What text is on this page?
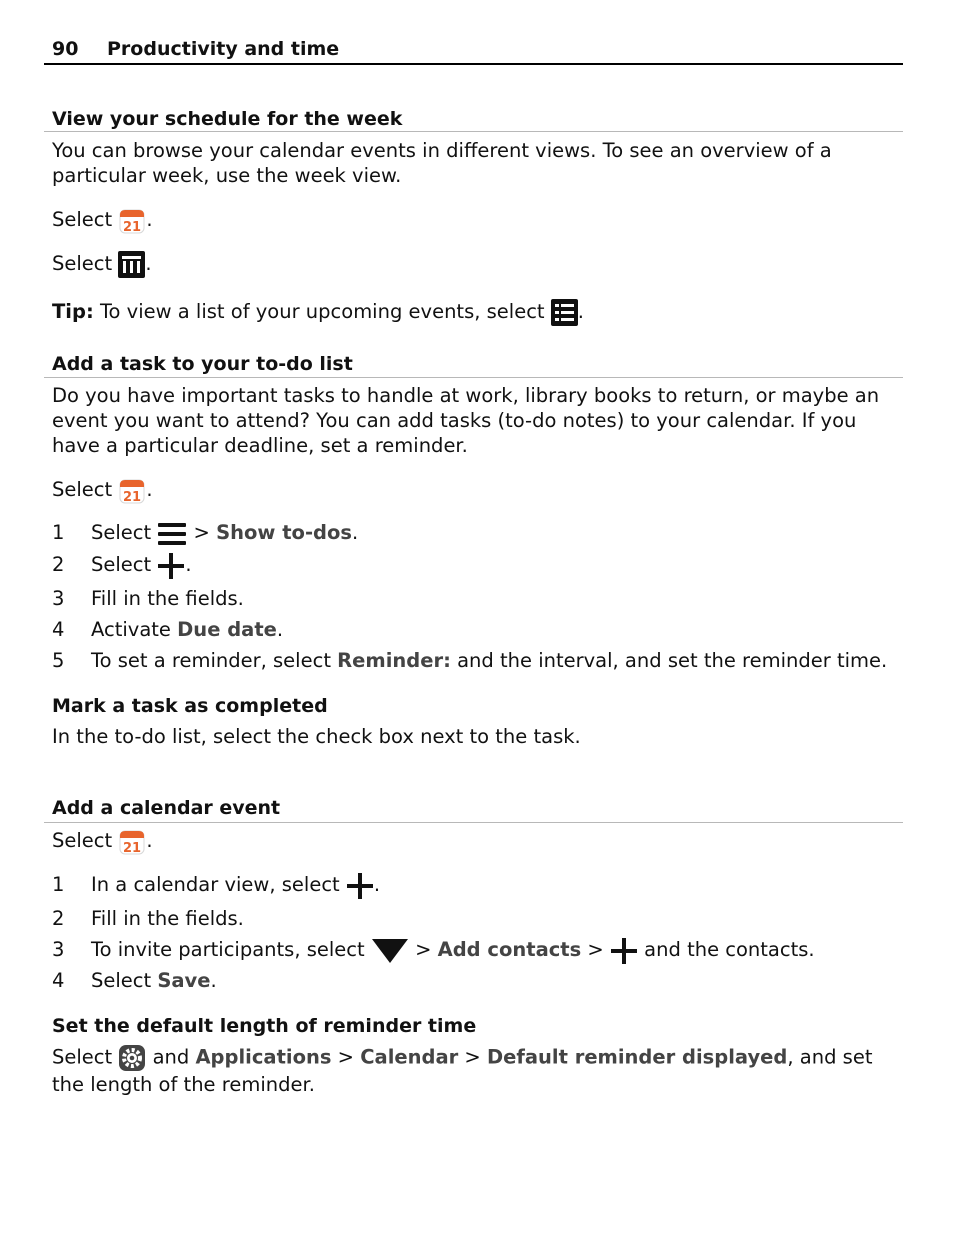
90 Productivity and time
View your schedule for the week

You can browse your calendar events in different views. To see an overview of a particular week, use the week view.

Select 21 .
Select .
Tip: To view a list of your upcoming events, select
.
Add a task to your to-do list

Do you have important tasks to handle at work, library books to return, or maybe an event you want to attend? You can add tasks (to-do notes) to your calendar. If you have a particular deadline, set a reminder.

Select 21 .
1	Select
> Show to-dos.
2	Select
.
3	Fill in the fields.
4	Activate Due date.
5	To set a reminder, select Reminder: and the interval, and set the reminder time.
Mark a task as completed

In the to-do list, select the check box next to the task.

Add a calendar event
Select 21 .
1	In a calendar view, select
.
2	Fill in the fields.
3	To invite participants, select
> Add contacts >
and the contacts.
4	Select Save.
Set the default length of reminder time

Select
and Applications > Calendar > Default reminder displayed, and set the length of the reminder.
